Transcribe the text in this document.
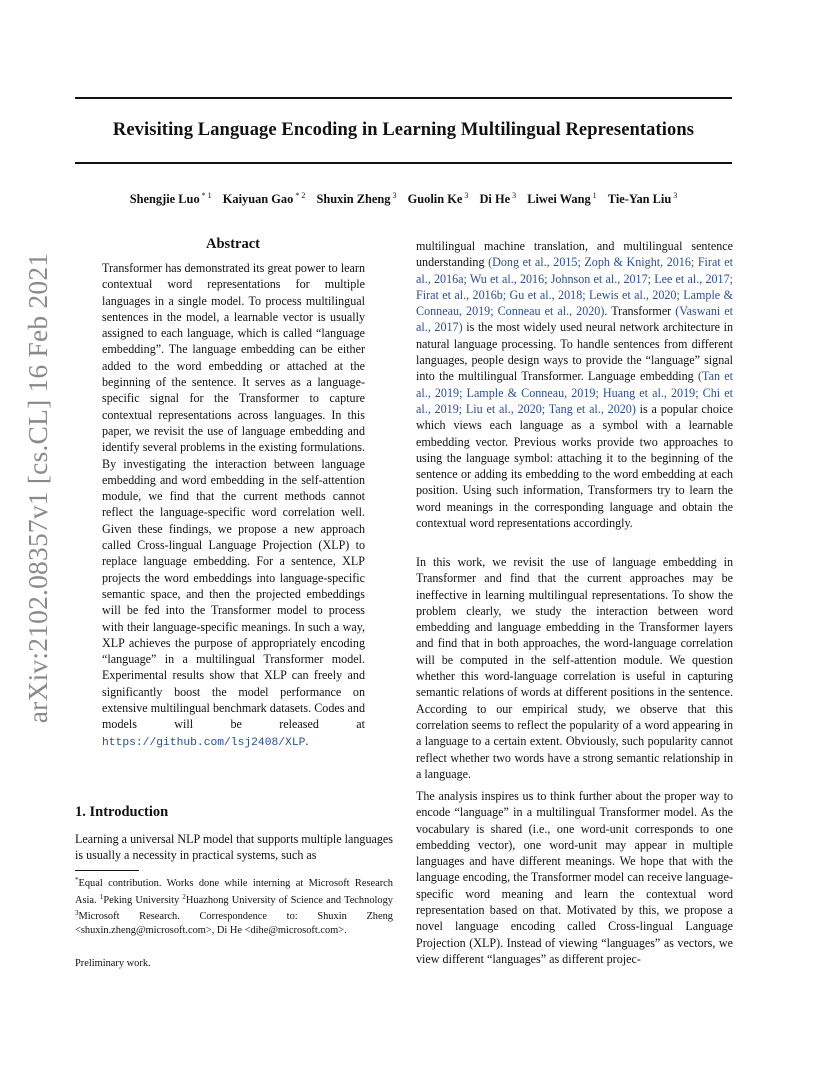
Revisiting Language Encoding in Learning Multilingual Representations
Shengjie Luo $^{* 1}$ Kaiyuan Gao $^{* 2}$ Shuxin Zheng $^3$ Guolin Ke $^3$ Di He $^3$ Liwei Wang $^1$ Tie-Yan Liu $^3$
arXiv:2102.08357v1 [cs.CL] 16 Feb 2021
Abstract
Transformer has demonstrated its great power to learn contextual word representations for multiple languages in a single model. To process multilingual sentences in the model, a learnable vector is usually assigned to each language, which is called “language embedding”. The language embedding can be either added to the word embedding or attached at the beginning of the sentence. It serves as a language-specific signal for the Transformer to capture contextual representations across languages. In this paper, we revisit the use of language embedding and identify several problems in the existing formulations. By investigating the interaction between language embedding and word embedding in the self-attention module, we find that the current methods cannot reflect the language-specific word correlation well. Given these findings, we propose a new approach called Cross-lingual Language Projection (XLP) to replace language embedding. For a sentence, XLP projects the word embeddings into language-specific semantic space, and then the projected embeddings will be fed into the Transformer model to process with their language-specific meanings. In such a way, XLP achieves the purpose of appropriately encoding “language” in a multilingual Transformer model. Experimental results show that XLP can freely and significantly boost the model performance on extensive multilingual benchmark datasets. Codes and models will be released at https://github.com/lsj2408/XLP.
1. Introduction
Learning a universal NLP model that supports multiple languages is usually a necessity in practical systems, such as
*Equal contribution. Works done while interning at Microsoft Research Asia. $^1$Peking University $^2$Huazhong University of Science and Technology $^3$Microsoft Research. Correspondence to: Shuxin Zheng <shuxin.zheng@microsoft.com>, Di He <dihe@microsoft.com>.
Preliminary work.
multilingual machine translation, and multilingual sentence understanding (Dong et al., 2015; Zoph & Knight, 2016; Firat et al., 2016a; Wu et al., 2016; Johnson et al., 2017; Lee et al., 2017; Firat et al., 2016b; Gu et al., 2018; Lewis et al., 2020; Lample & Conneau, 2019; Conneau et al., 2020). Transformer (Vaswani et al., 2017) is the most widely used neural network architecture in natural language processing. To handle sentences from different languages, people design ways to provide the “language” signal into the multilingual Transformer. Language embedding (Tan et al., 2019; Lample & Conneau, 2019; Huang et al., 2019; Chi et al., 2019; Liu et al., 2020; Tang et al., 2020) is a popular choice which views each language as a symbol with a learnable embedding vector. Previous works provide two approaches to using the language symbol: attaching it to the beginning of the sentence or adding its embedding to the word embedding at each position. Using such information, Transformers try to learn the word meanings in the corresponding language and obtain the contextual word representations accordingly.
In this work, we revisit the use of language embedding in Transformer and find that the current approaches may be ineffective in learning multilingual representations. To show the problem clearly, we study the interaction between word embedding and language embedding in the Transformer layers and find that in both approaches, the word-language correlation will be computed in the self-attention module. We question whether this word-language correlation is useful in capturing semantic relations of words at different positions in the sentence. According to our empirical study, we observe that this correlation seems to reflect the popularity of a word appearing in a language to a certain extent. Obviously, such popularity cannot reflect whether two words have a strong semantic relationship in a language.
The analysis inspires us to think further about the proper way to encode “language” in a multilingual Transformer model. As the vocabulary is shared (i.e., one word-unit corresponds to one embedding vector), one word-unit may appear in multiple languages and have different meanings. We hope that with the language encoding, the Transformer model can receive language-specific word meaning and learn the contextual word representation based on that. Motivated by this, we propose a novel language encoding called Cross-lingual Language Projection (XLP). Instead of viewing “languages” as vectors, we view different “languages” as different projec-
